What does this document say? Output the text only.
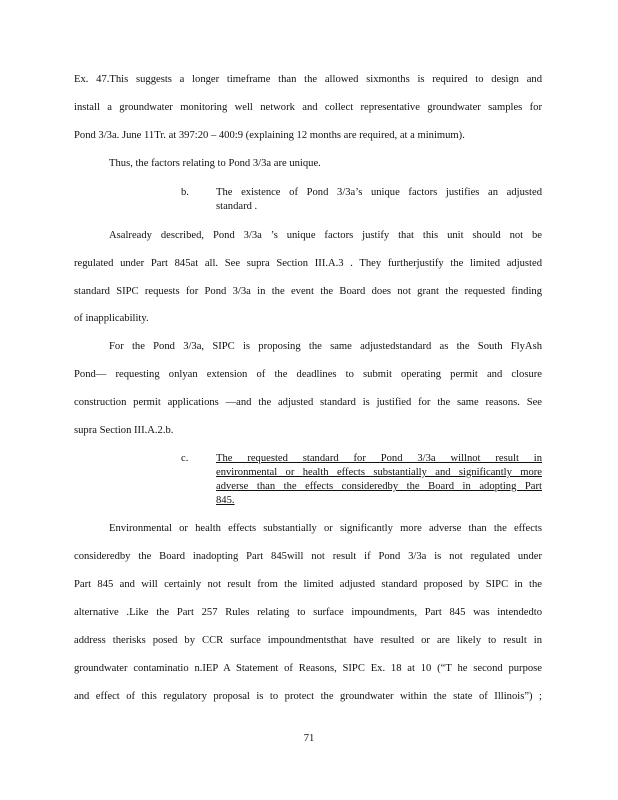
Ex. 47.This suggests a longer timeframe than the allowed sixmonths is required to design and
install a groundwater monitoring well network and collect representative groundwater samples for
Pond 3/3a. June 11Tr. at 397:20 – 400:9 (explaining 12 months are required, at a minimum).
Thus, the factors relating to Pond 3/3a are unique.
b.	The existence of Pond 3/3a’s unique factors justifies an adjusted
standard .
Asalready described, Pond 3/3a ’s unique factors justify that this unit should not be
regulated under Part 845at all. See supra Section III.A.3 . They furtherjustify the limited adjusted
standard SIPC requests for Pond 3/3a in the event the Board does not grant the requested finding
of inapplicability.
For the Pond 3/3a, SIPC is proposing the same adjustedstandard as the South FlyAsh
Pond— requesting onlyan extension of the deadlines to submit operating permit and closure
construction permit applications —and the adjusted standard is justified for the same reasons. See
supra Section III.A.2.b.
c.	The requested standard for Pond 3/3a willnot result in
environmental or health effects substantially and significantly more
adverse than the effects consideredby the Board in adopting Part
845.
Environmental or health effects substantially or significantly more adverse than the effects
consideredby the Board inadopting Part 845will not result if Pond 3/3a is not regulated under
Part 845 and will certainly not result from the limited adjusted standard proposed by SIPC in the
alternative .Like the Part 257 Rules relating to surface impoundments, Part 845 was intendedto
address therisks posed by CCR surface impoundmentsthat have resulted or are likely to result in
groundwater contaminatio n.IEP A Statement of Reasons, SIPC Ex. 18 at 10 (“T he second purpose
and effect of this regulatory proposal is to protect the groundwater within the state of Illinois”) ;
71
